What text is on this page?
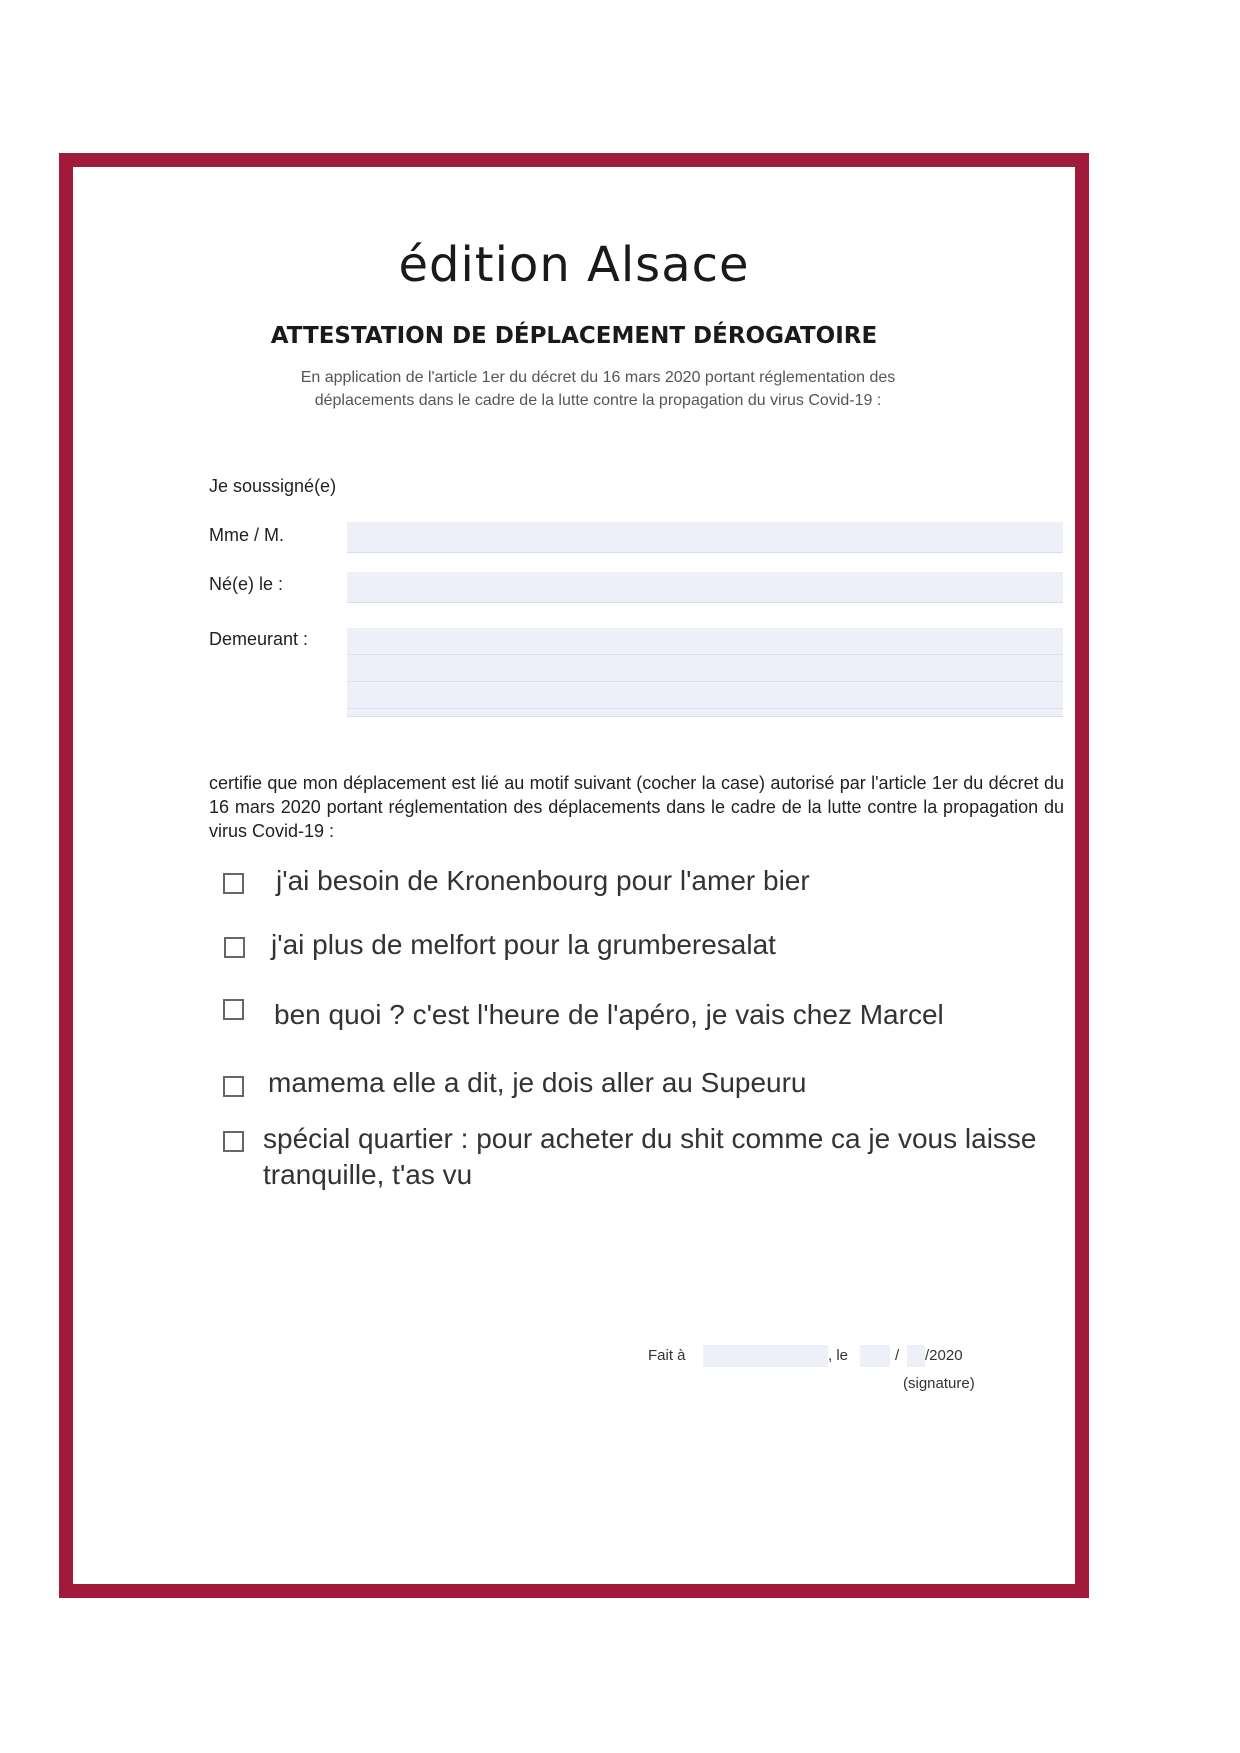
édition Alsace
ATTESTATION DE DÉPLACEMENT DÉROGATOIRE
En application de l'article 1er du décret du 16 mars 2020 portant réglementation des
déplacements dans le cadre de la lutte contre la propagation du virus Covid-19 :
Je soussigné(e)
Mme / M.
Né(e) le :
Demeurant :
certifie que mon déplacement est lié au motif suivant (cocher la case) autorisé par l'article 1er du décret du 16 mars 2020 portant réglementation des déplacements dans le cadre de la lutte contre la propagation du virus Covid-19 :
j'ai besoin de Kronenbourg pour l'amer bier
j'ai plus de melfort pour la grumberesalat
ben quoi ? c'est l'heure de l'apéro, je vais chez Marcel
mamema elle a dit, je dois aller au Supeuru
spécial quartier : pour acheter du shit comme ca je vous laisse tranquille, t'as vu
Fait à	, le	/ /2020
(signature)
